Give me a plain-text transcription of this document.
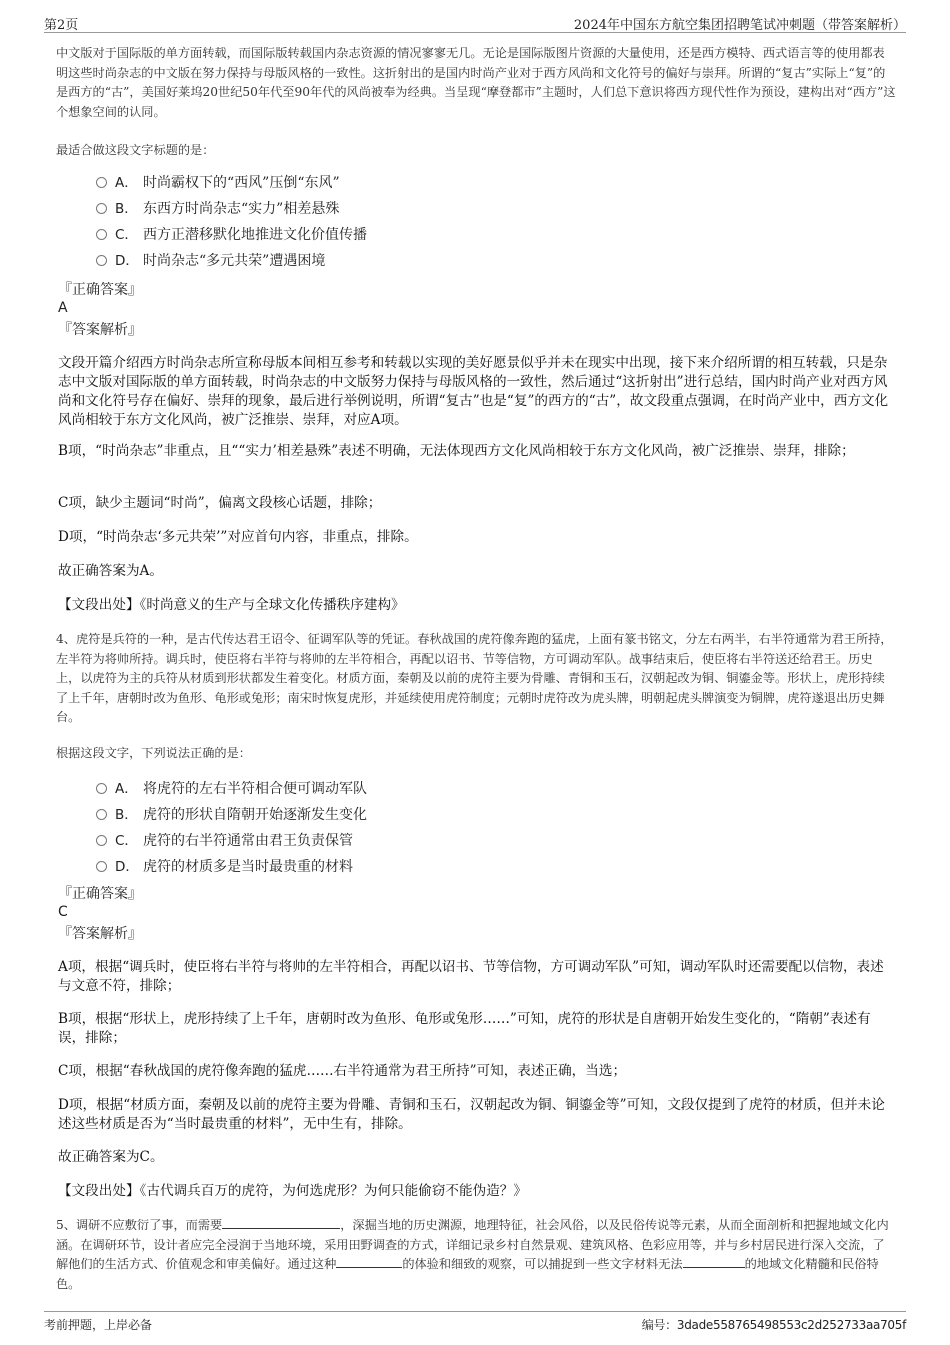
第2页	2024年中国东方航空集团招聘笔试冲刺题（带答案解析）
中文版对于国际版的单方面转载，而国际版转载国内杂志资源的情况寥寥无几。无论是国际版图片资源的大量使用，还是西方模特、西式语言等的使用都表明这些时尚杂志的中文版在努力保持与母版风格的一致性。这折射出的是国内时尚产业对于西方风尚和文化符号的偏好与崇拜。所谓的“复古”实际上“复”的是西方的“古”，美国好莱坞20世纪50年代至90年代的风尚被奉为经典。当呈现“摩登都市”主题时，人们总下意识将西方现代性作为预设，建构出对“西方”这个想象空间的认同。
最适合做这段文字标题的是：
A． 时尚霸权下的“西风”压倒“东风”
B． 东西方时尚杂志“实力”相差悬殊
C． 西方正潜移默化地推进文化价值传播
D． 时尚杂志“多元共荣”遭遇困境
『正确答案』
A
『答案解析』
文段开篇介绍西方时尚杂志所宣称母版本间相互参考和转载以实现的美好愿景似乎并未在现实中出现，接下来介绍所谓的相互转载，只是杂志中文版对国际版的单方面转载，时尚杂志的中文版努力保持与母版风格的一致性，然后通过“这折射出”进行总结，国内时尚产业对西方风尚和文化符号存在偏好、崇拜的现象，最后进行举例说明，所谓“复古”也是“复”的西方的“古”，故文段重点强调，在时尚产业中，西方文化风尚相较于东方文化风尚，被广泛推崇、崇拜，对应A项。
B项，“时尚杂志”非重点，且““实力’相差悬殊”表述不明确，无法体现西方文化风尚相较于东方文化风尚，被广泛推崇、崇拜，排除；
C项，缺少主题词“时尚”，偏离文段核心话题，排除；
D项，“时尚杂志‘多元共荣’”对应首句内容，非重点，排除。
故正确答案为A。
【文段出处】《时尚意义的生产与全球文化传播秩序建构》
4、虎符是兵符的一种，是古代传达君王诏令、征调军队等的凭证。春秋战国的虎符像奔跑的猛虎，上面有篆书铭文，分左右两半，右半符通常为君王所持，左半符为将帅所持。调兵时，使臣将右半符与将帅的左半符相合，再配以诏书、节等信物，方可调动军队。战事结束后，使臣将右半符送还给君王。历史上，以虎符为主的兵符从材质到形状都发生着变化。材质方面，秦朝及以前的虎符主要为骨雕、青铜和玉石，汉朝起改为铜、铜鎏金等。形状上，虎形持续了上千年，唐朝时改为鱼形、龟形或兔形；南宋时恢复虎形，并延续使用虎符制度；元朝时虎符改为虎头牌，明朝起虎头牌演变为铜牌，虎符遂退出历史舞台。
根据这段文字，下列说法正确的是：
A． 将虎符的左右半符相合便可调动军队
B． 虎符的形状自隋朝开始逐渐发生变化
C． 虎符的右半符通常由君王负责保管
D． 虎符的材质多是当时最贵重的材料
『正确答案』
C
『答案解析』
A项，根据“调兵时，使臣将右半符与将帅的左半符相合，再配以诏书、节等信物，方可调动军队”可知，调动军队时还需要配以信物，表述与文意不符，排除；
B项，根据“形状上，虎形持续了上千年，唐朝时改为鱼形、龟形或兔形……”可知，虎符的形状是自唐朝开始发生变化的，“隋朝”表述有误，排除；
C项，根据“春秋战国的虎符像奔跑的猛虎……右半符通常为君王所持”可知，表述正确，当选；
D项，根据“材质方面，秦朝及以前的虎符主要为骨雕、青铜和玉石，汉朝起改为铜、铜鎏金等”可知，文段仅提到了虎符的材质，但并未论述这些材质是否为“当时最贵重的材料”，无中生有，排除。
故正确答案为C。
【文段出处】《古代调兵百万的虎符，为何选虎形？为何只能偷窃不能伪造？》
5、调研不应敷衍了事，而需要	，深掘当地的历史渊源，地理特征，社会风俗，以及民俗传说等元素，从而全面剖析和把握地域文化内涵。在调研环节，设计者应完全浸润于当地环境，采用田野调查的方式，详细记录乡村自然景观、建筑风格、色彩应用等，并与乡村居民进行深入交流，了解他们的生活方式、价值观念和审美偏好。通过这种	的体验和细致的观察，可以捕捉到一些文字材料无法	的地域文化精髓和民俗特色。
考前押题，上岸必备	编号：3dade558765498553c2d252733aa705f
